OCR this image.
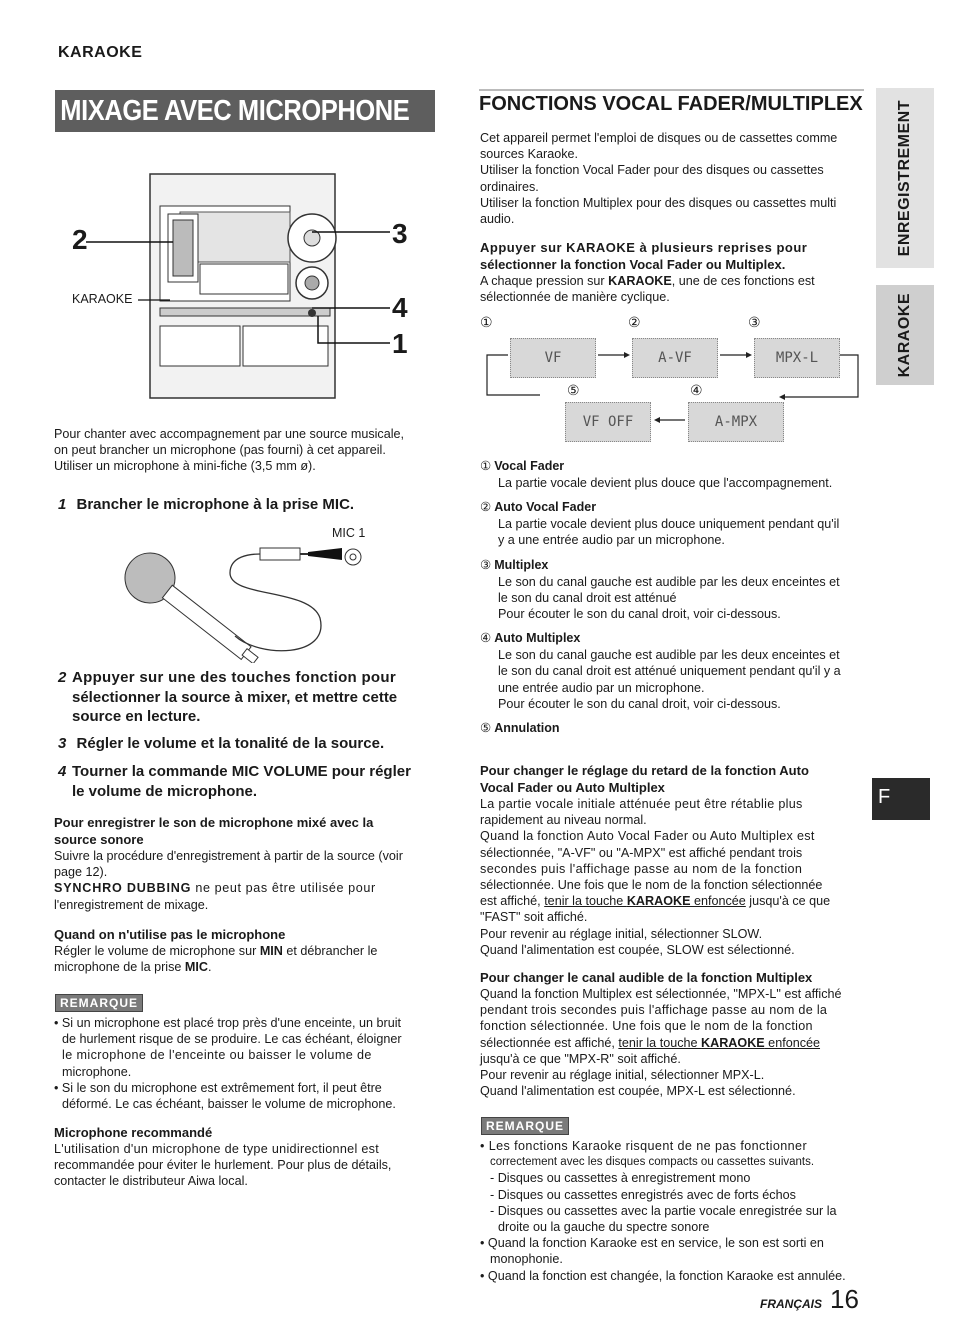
KARAOKE
MIXAGE AVEC MICROPHONE
2	3
4
1
KARAOKE

Pour chanter avec accompagnement par une source musicale,

on peut brancher un microphone (pas fourni) à cet appareil.

Utiliser un microphone à mini-fiche (3,5 mm ø).

1 Brancher le microphone à la prise MIC.
MIC 1
2 Appuyer sur une des touches fonction pour
sélectionner la source à mixer, et mettre cette
source en lecture.
3 Régler le volume et la tonalité de la source.
4 Tourner la commande MIC VOLUME pour régler
le volume de microphone.
Pour enregistrer le son de microphone mixé avec la
source sonore

Suivre la procédure d'enregistrement à partir de la source (voir

page 12).

SYNCHRO DUBBING ne peut pas être utilisée pour

l'enregistrement de mixage.

Quand on n'utilise pas le microphone

Régler le volume de microphone sur MIN et débrancher le

microphone de la prise MIC.

REMARQUE

• Si un microphone est placé trop près d'une enceinte, un bruit

de hurlement risque de se produire. Le cas échéant, éloigner

le microphone de l'enceinte ou baisser le volume de

microphone.

• Si le son du microphone est extrêmement fort, il peut être

déformé. Le cas échéant, baisser le volume de microphone.

Microphone recommandé

L'utilisation d'un microphone de type unidirectionnel est

recommandée pour éviter le hurlement. Pour plus de détails,

contacter le distributeur Aiwa local.

FONCTIONS VOCAL FADER/MULTIPLEX

Cet appareil permet l'emploi de disques ou de cassettes comme

sources Karaoke.

Utiliser la fonction Vocal Fader pour des disques ou cassettes

ordinaires.

Utiliser la fonction Multiplex pour des disques ou cassettes multi

audio.

Appuyer sur KARAOKE à plusieurs reprises pour
sélectionner la fonction Vocal Fader ou Multiplex.

A chaque pression sur KARAOKE, une de ces fonctions est

sélectionnée de manière cyclique.

①	②	③
⑤	④
VF	A-VF	MPX-L
VF OFF	A-MPX
① Vocal Fader

La partie vocale devient plus douce que l'accompagnement.

② Auto Vocal Fader

La partie vocale devient plus douce uniquement pendant qu'il

y a une entrée audio par un microphone.

③ Multiplex

Le son du canal gauche est audible par les deux enceintes et

le son du canal droit est atténué

Pour écouter le son du canal droit, voir ci-dessous.

④ Auto Multiplex

Le son du canal gauche est audible par les deux enceintes et

le son du canal droit est atténué uniquement pendant qu'il y a

une entrée audio par un microphone.

Pour écouter le son du canal droit, voir ci-dessous.

⑤ Annulation
Pour changer le réglage du retard de la fonction Auto
Vocal Fader ou Auto Multiplex

La partie vocale initiale atténuée peut être rétablie plus

rapidement au niveau normal.

Quand la fonction Auto Vocal Fader ou Auto Multiplex est

sélectionnée, "A-VF" ou "A-MPX" est affiché pendant trois

secondes puis l'affichage passe au nom de la fonction

sélectionnée. Une fois que le nom de la fonction sélectionnée

est affiché, tenir la touche KARAOKE enfoncée jusqu'à ce que

"FAST" soit affiché.

Pour revenir au réglage initial, sélectionner SLOW.

Quand l'alimentation est coupée, SLOW est sélectionné.

Pour changer le canal audible de la fonction Multiplex

Quand la fonction Multiplex est sélectionnée, "MPX-L" est affiché

pendant trois secondes puis l'affichage passe au nom de la

fonction sélectionnée. Une fois que le nom de la fonction

sélectionnée est affiché, tenir la touche KARAOKE enfoncée

jusqu'à ce que "MPX-R" soit affiché.

Pour revenir au réglage initial, sélectionner MPX-L.

Quand l'alimentation est coupée, MPX-L est sélectionné.

REMARQUE

• Les fonctions Karaoke risquent de ne pas fonctionner

correctement avec les disques compacts ou cassettes suivants.

- Disques ou cassettes à enregistrement mono

- Disques ou cassettes enregistrés avec de forts échos

- Disques ou cassettes avec la partie vocale enregistrée sur la

droite ou la gauche du spectre sonore

• Quand la fonction Karaoke est en service, le son est sorti en

monophonie.

• Quand la fonction est changée, la fonction Karaoke est annulée.

ENREGISTREMENT
KARAOKE
F
FRANÇAIS 16
